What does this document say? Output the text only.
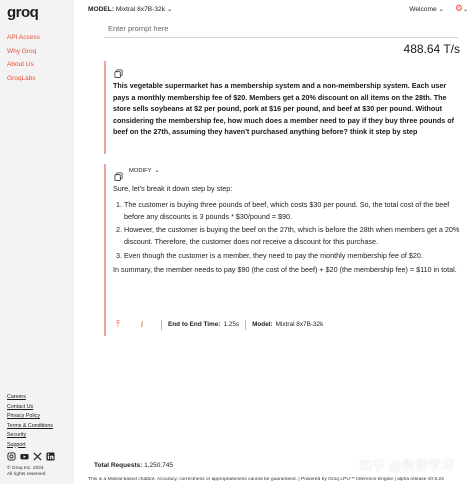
groq
API Access
Why Groq
About Us
GroqLabs
Careers
Contact Us
Privacy Policy
Terms & Conditions
Security
Support
© Groq Inc. 2024
All rights reserved
MODEL: Mixtral 8x7B-32k ⌄	Welcome ⌄ ⚙⌄
Enter prompt here
488.64 T/s
This vegetable supermarket has a membership system and a non-membership system. Each user pays a monthly membership fee of $20. Members get a 20% discount on all items on the 28th. The store sells soybeans at $2 per pound, pork at $16 per pound, and beef at $30 per pound. Without considering the membership fee, how much does a member need to pay if they buy three pounds of beef on the 27th, assuming they haven't purchased anything before? think it step by step
MODIFY ⌄

Sure, let's break it down step by step:

1. The customer is buying three pounds of beef, which costs $30 per pound. So, the total cost of the beef before any discounts is 3 pounds * $30/pound = $90.
2. However, the customer is buying the beef on the 27th, which is before the 28th when members get a 20% discount. Therefore, the customer does not receive a discount for this purchase.
3. Even though the customer is a member, they need to pay the monthly membership fee of $20.

In summary, the member needs to pay $90 (the cost of the beef) + $20 (the membership fee) = $110 in total.

⤒	i	End to End Time: 1.25s Model: Mixtral 8x7B-32k
Total Requests: 1,250,745
This is a Mixtral-based chatbot. Accuracy, correctness or appropriateness cannot be guaranteed. | Powered by Groq LPU™ Inference Engine | alpha release v0.9.24
知乎 @数据学习
